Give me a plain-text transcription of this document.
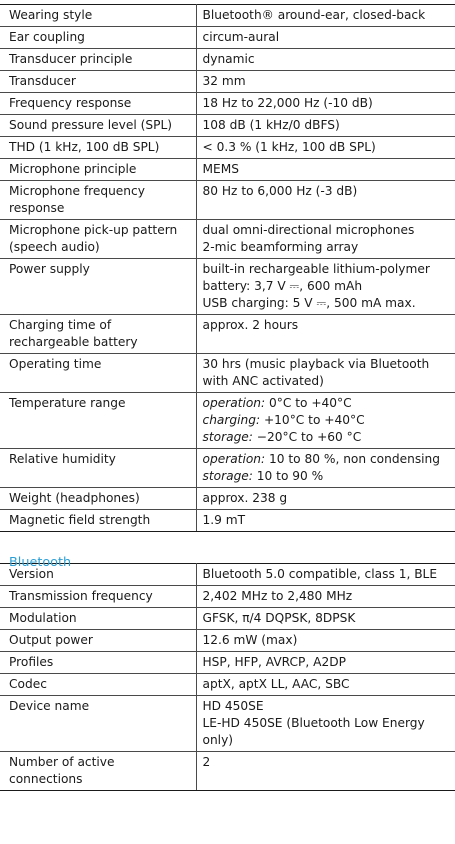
Wearing style	Bluetooth® around-ear, closed-back

Ear coupling	circum-aural

Transducer principle	dynamic

Transducer	32 mm

Frequency response	18 Hz to 22,000 Hz (-10 dB)

Sound pressure level (SPL)	108 dB (1 kHz/0 dBFS)

THD (1 kHz, 100 dB SPL)	< 0.3 % (1 kHz, 100 dB SPL)

Microphone principle	MEMS

Microphone frequency response	80 Hz to 6,000 Hz (-3 dB)

Microphone pick-up pattern (speech audio)	dual omni-directional microphones
2-mic beamforming array

Power supply	built-in rechargeable lithium-polymer
battery: 3,7 V ⎓, 600 mAh
USB charging: 5 V ⎓, 500 mA max.

Charging time of rechargeable battery	approx. 2 hours

Operating time	30 hrs (music playback via Bluetooth with ANC activated)

Temperature range	operation: 0°C to +40°C
charging: +10°C to +40°C
storage: −20°C to +60 °C

Relative humidity	operation: 10 to 80 %, non condensing
storage: 10 to 90 %

Weight (headphones)	approx. 238 g

Magnetic field strength	1.9 mT
Bluetooth
Version	Bluetooth 5.0 compatible, class 1, BLE

Transmission frequency	2,402 MHz to 2,480 MHz

Modulation	GFSK, π/4 DQPSK, 8DPSK

Output power	12.6 mW (max)

Profiles	HSP, HFP, AVRCP, A2DP

Codec	aptX, aptX LL, AAC, SBC

Device name	HD 450SE
LE-HD 450SE (Bluetooth Low Energy only)

Number of active connections	2
